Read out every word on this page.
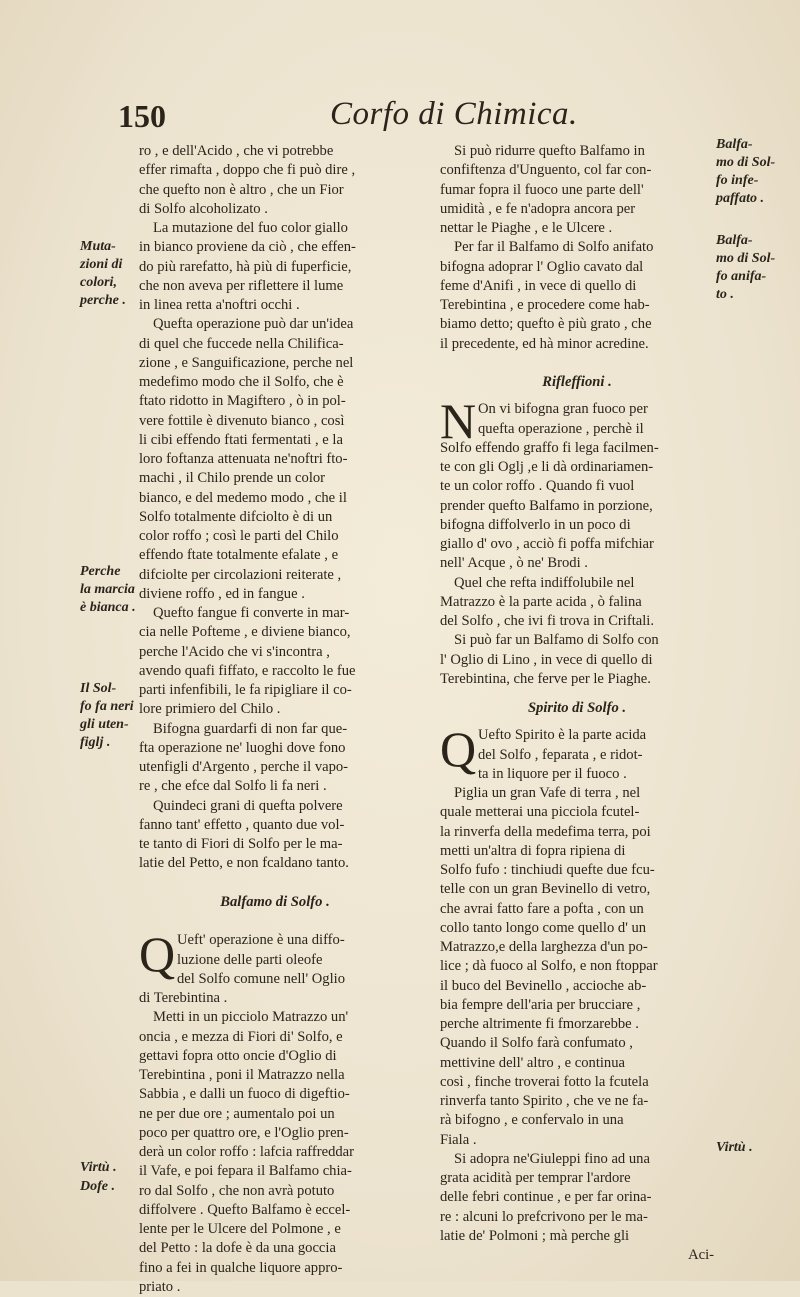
150	Corfo di Chimica.
ro , e dell'Acido , che vi potrebbe
effer rimafta , doppo che fi può dire ,
che quefto non è altro , che un Fior
di Solfo alcoholizato .
La mutazione del fuo color giallo
in bianco proviene da ciò , che effen-
do più rarefatto, hà più di fuperficie,
che non aveva per riflettere il lume
in linea retta a'noftri occhi .
Quefta operazione può dar un'idea
di quel che fuccede nella Chilifica-
zione , e Sanguificazione, perche nel
medefimo modo che il Solfo, che è
ftato ridotto in Magiftero , ò in pol-
vere fottile è divenuto bianco , così
li cibi effendo ftati fermentati , e la
loro foftanza attenuata ne'noftri fto-
machi , il Chilo prende un color
bianco, e del medemo modo , che il
Solfo totalmente difciolto è di un
color roffo ; così le parti del Chilo
effendo ftate totalmente efalate , e
difciolte per circolazioni reiterate ,
diviene roffo , ed in fangue .
Quefto fangue fi converte in mar-
cia nelle Pofteme , e diviene bianco,
perche l'Acido che vi s'incontra ,
avendo quafi fiffato, e raccolto le fue
parti infenfibili, le fa ripigliare il co-
lore primiero del Chilo .
Bifogna guardarfi di non far que-
fta operazione ne' luoghi dove fono
utenfigli d'Argento , perche il vapo-
re , che efce dal Solfo li fa neri .
Quindeci grani di quefta polvere
fanno tant' effetto , quanto due vol-
te tanto di Fiori di Solfo per le ma-
latie del Petto, e non fcaldano tanto.
Balfamo di Solfo .
Q Ueft' operazione è una diffo-
luzione delle parti oleofe
del Solfo comune nell' Oglio
di Terebintina .
Metti in un picciolo Matrazzo un'
oncia , e mezza di Fiori di' Solfo, e
gettavi fopra otto oncie d'Oglio di
Terebintina , poni il Matrazzo nella
Sabbia , e dalli un fuoco di digeftio-
ne per due ore ; aumentalo poi un
poco per quattro ore, e l'Oglio pren-
derà un color roffo : lafcia raffreddar
il Vafe, e poi fepara il Balfamo chia-
ro dal Solfo , che non avrà potuto
diffolvere . Quefto Balfamo è eccel-
lente per le Ulcere del Polmone , e
del Petto : la dofe è da una goccia
fino a fei in qualche liquore appro-
priato .
Si può ridurre quefto Balfamo in
confiftenza d'Unguento, col far con-
fumar fopra il fuoco une parte dell'
umidità , e fe n'adopra ancora per
nettar le Piaghe , e le Ulcere .
Per far il Balfamo di Solfo anifato
bifogna adoprar l' Oglio cavato dal
feme d'Anifi , in vece di quello di
Terebintina , e procedere come hab-
biamo detto; quefto è più grato , che
il precedente, ed hà minor acredine.
Rifleffioni .
N On vi bifogna gran fuoco per
quefta operazione , perchè il
Solfo effendo graffo fi lega facilmen-
te con gli Oglj ,e li dà ordinariamen-
te un color roffo . Quando fi vuol
prender quefto Balfamo in porzione,
bifogna diffolverlo in un poco di
giallo d' ovo , acciò fi poffa mifchiar
nell' Acque , ò ne' Brodi .
Quel che refta indiffolubile nel
Matrazzo è la parte acida , ò falina
del Solfo , che ivi fi trova in Criftali.
Si può far un Balfamo di Solfo con
l' Oglio di Lino , in vece di quello di
Terebintina, che ferve per le Piaghe.
Spirito di Solfo .
Q Uefto Spirito è la parte acida
del Solfo , feparata , e ridot-
ta in liquore per il fuoco .
Piglia un gran Vafe di terra , nel
quale metterai una picciola fcutel-
la rinverfa della medefima terra, poi
metti un'altra di fopra ripiena di
Solfo fufo : tinchiudi quefte due fcu-
telle con un gran Bevinello di vetro,
che avrai fatto fare a pofta , con un
collo tanto longo come quello d' un
Matrazzo,e della larghezza d'un po-
lice ; dà fuoco al Solfo, e non ftoppar
il buco del Bevinello , accioche ab-
bia fempre dell'aria per brucciare ,
perche altrimente fi fmorzarebbe .
Quando il Solfo farà confumato ,
mettivine dell' altro , e continua
così , finche troverai fotto la fcutela
rinverfa tanto Spirito , che ve ne fa-
rà bifogno , e confervalo in una
Fiala .
Si adopra ne'Giuleppi fino ad una
grata acidità per temprar l'ardore
delle febri continue , e per far orina-
re : alcuni lo prefcrivono per le ma-
latie de' Polmoni ; mà perche gli
Aci-
Muta-
zioni di
colori,
perche .
Perche
la marcia
è bianca .
Il Sol-
fo fa neri
gli uten-
figlj .
Virtù .
Dofe .
Balfa-
mo di Sol-
fo infe-
paffato .
Balfa-
mo di Sol-
fo anifa-
to .
Virtù .
